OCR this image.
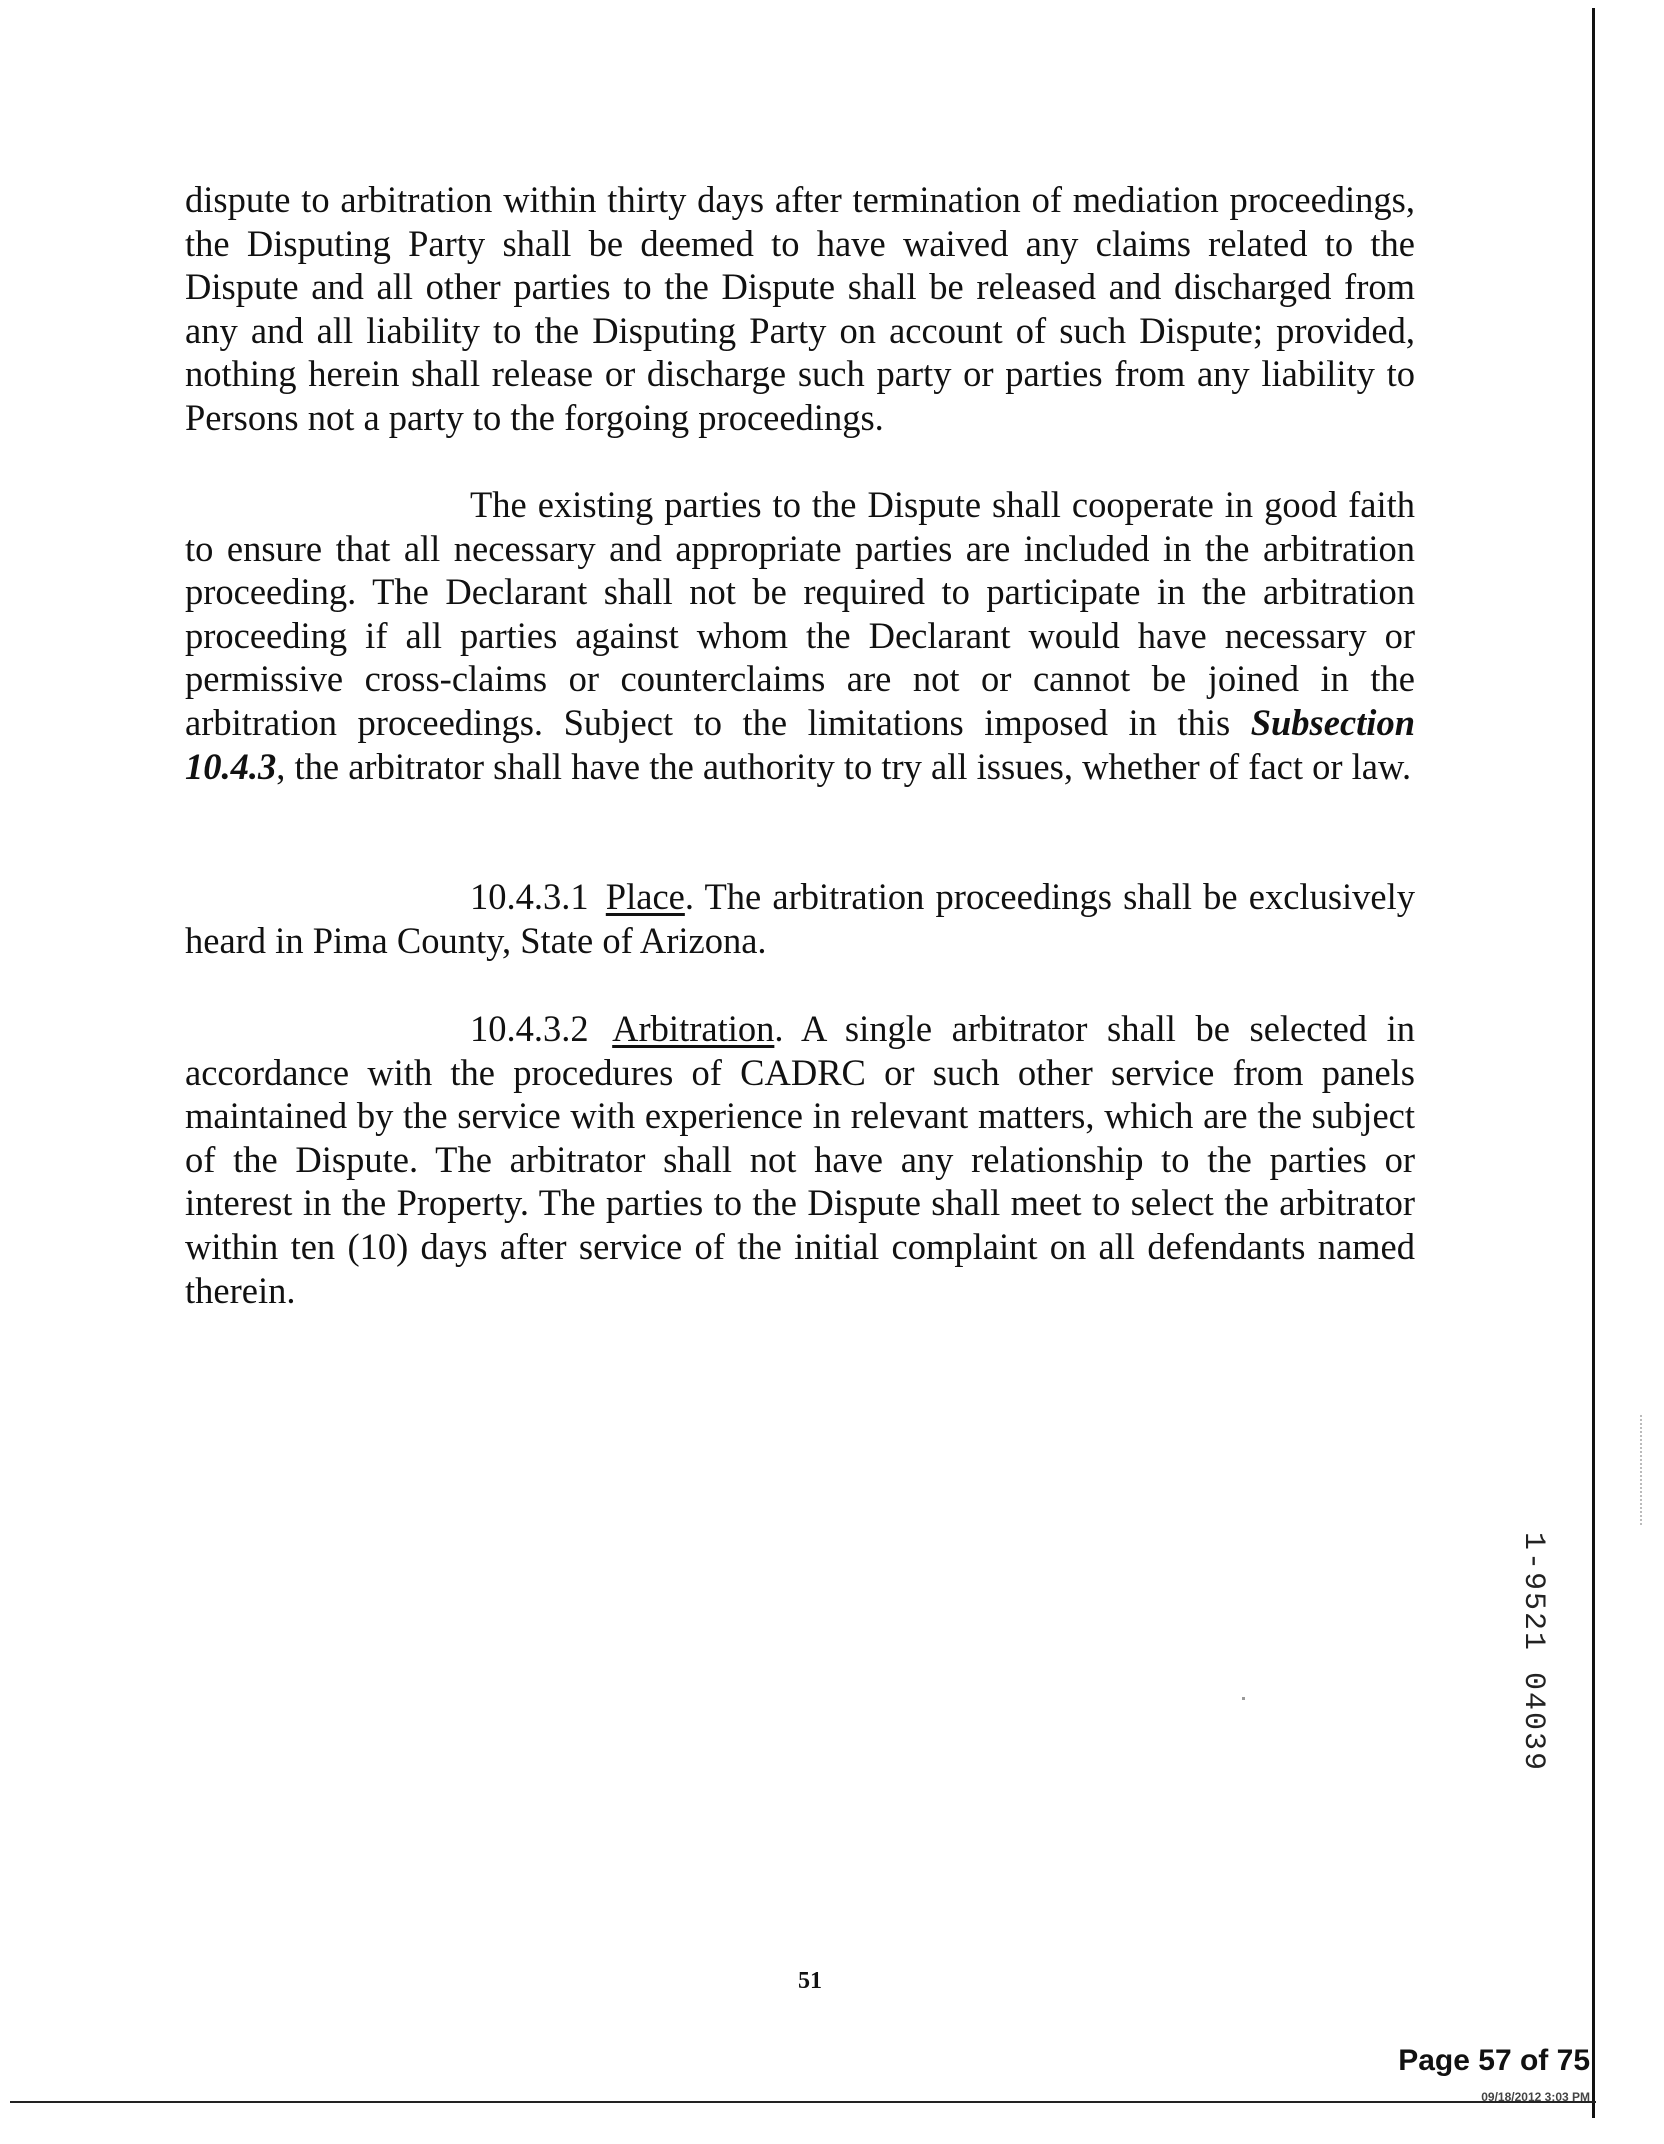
dispute to arbitration within thirty days after termination of mediation proceedings, the Disputing Party shall be deemed to have waived any claims related to the Dispute and all other parties to the Dispute shall be released and discharged from any and all liability to the Disputing Party on account of such Dispute; provided, nothing herein shall release or discharge such party or parties from any liability to Persons not a party to the forgoing proceedings.

The existing parties to the Dispute shall cooperate in good faith to ensure that all necessary and appropriate parties are included in the arbitration proceeding. The Declarant shall not be required to participate in the arbitration proceeding if all parties against whom the Declarant would have necessary or permissive cross-claims or counterclaims are not or cannot be joined in the arbitration proceedings. Subject to the limitations imposed in this Subsection 10.4.3, the arbitrator shall have the authority to try all issues, whether of fact or law.

10.4.3.1 Place. The arbitration proceedings shall be exclusively heard in Pima County, State of Arizona.

10.4.3.2 Arbitration. A single arbitrator shall be selected in accordance with the procedures of CADRC or such other service from panels maintained by the service with experience in relevant matters, which are the subject of the Dispute. The arbitrator shall not have any relationship to the parties or interest in the Property. The parties to the Dispute shall meet to select the arbitrator within ten (10) days after service of the initial complaint on all defendants named therein.

1-9521 04039
51
Page 57 of 75
09/18/2012 3:03 PM
